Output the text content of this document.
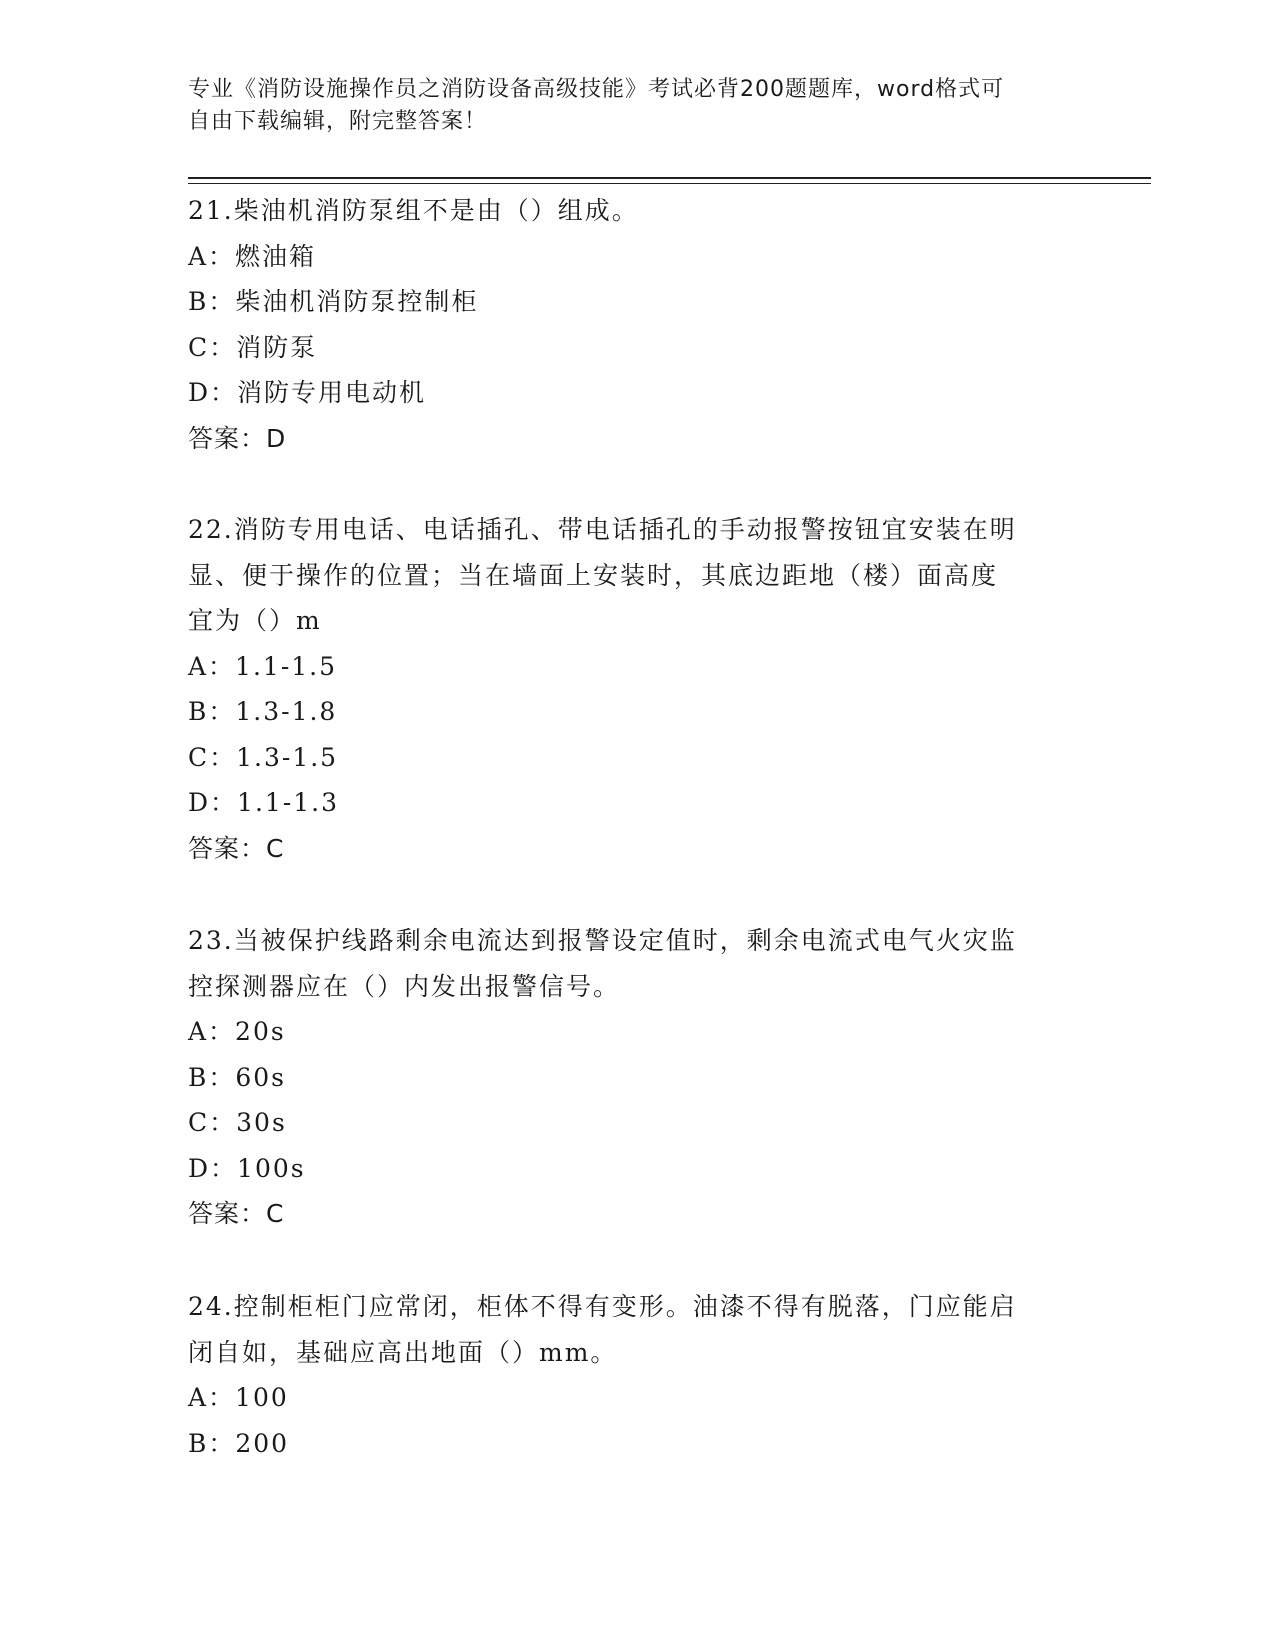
专业《消防设施操作员之消防设备高级技能》考试必背200题题库，word格式可
自由下载编辑，附完整答案！
21.柴油机消防泵组不是由（）组成。
A：燃油箱
B：柴油机消防泵控制柜
C：消防泵
D：消防专用电动机
答案：D
22.消防专用电话、电话插孔、带电话插孔的手动报警按钮宜安装在明
显、便于操作的位置；当在墙面上安装时，其底边距地（楼）面高度
宜为（）m
A：1.1-1.5
B：1.3-1.8
C：1.3-1.5
D：1.1-1.3
答案：C
23.当被保护线路剩余电流达到报警设定值时，剩余电流式电气火灾监
控探测器应在（）内发出报警信号。
A：20s
B：60s
C：30s
D：100s
答案：C
24.控制柜柜门应常闭，柜体不得有变形。油漆不得有脱落，门应能启
闭自如，基础应高出地面（）mm。
A：100
B：200
